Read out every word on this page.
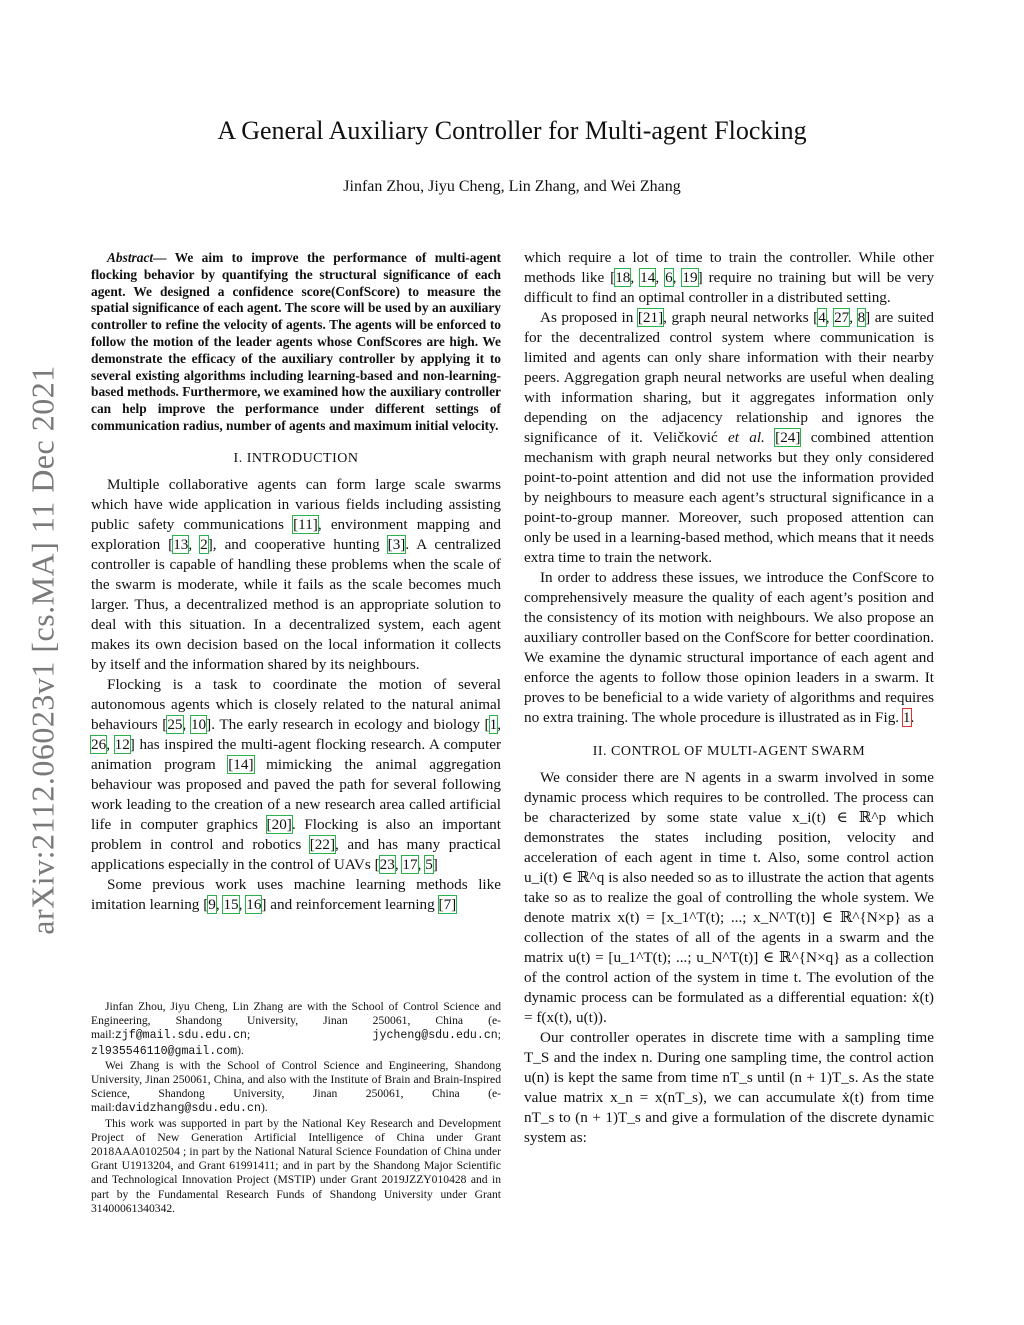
arXiv:2112.06023v1 [cs.MA] 11 Dec 2021
A General Auxiliary Controller for Multi-agent Flocking
Jinfan Zhou, Jiyu Cheng, Lin Zhang, and Wei Zhang

Abstract— We aim to improve the performance of multi-agent flocking behavior by quantifying the structural significance of each agent. We designed a confidence score(ConfScore) to measure the spatial significance of each agent. The score will be used by an auxiliary controller to refine the velocity of agents. The agents will be enforced to follow the motion of the leader agents whose ConfScores are high. We demonstrate the efficacy of the auxiliary controller by applying it to several existing algorithms including learning-based and non-learning-based methods. Furthermore, we examined how the auxiliary controller can help improve the performance under different settings of communication radius, number of agents and maximum initial velocity.

I. INTRODUCTION

Multiple collaborative agents can form large scale swarms which have wide application in various fields including assisting public safety communications [11], environment mapping and exploration [13, 2], and cooperative hunting [3]. A centralized controller is capable of handling these problems when the scale of the swarm is moderate, while it fails as the scale becomes much larger. Thus, a decentralized method is an appropriate solution to deal with this situation. In a decentralized system, each agent makes its own decision based on the local information it collects by itself and the information shared by its neighbours.

Flocking is a task to coordinate the motion of several autonomous agents which is closely related to the natural animal behaviours [25, 10]. The early research in ecology and biology [1, 26, 12] has inspired the multi-agent flocking research. A computer animation program [14] mimicking the animal aggregation behaviour was proposed and paved the path for several following work leading to the creation of a new research area called artificial life in computer graphics [20]. Flocking is also an important problem in control and robotics [22], and has many practical applications especially in the control of UAVs [23, 17, 5]

Some previous work uses machine learning methods like imitation learning [9, 15, 16] and reinforcement learning [7]

Jinfan Zhou, Jiyu Cheng, Lin Zhang are with the School of Control Science and Engineering, Shandong University, Jinan 250061, China (e-mail:zjf@mail.sdu.edu.cn; jycheng@sdu.edu.cn; zl935546110@gmail.com).

Wei Zhang is with the School of Control Science and Engineering, Shandong University, Jinan 250061, China, and also with the Institute of Brain and Brain-Inspired Science, Shandong University, Jinan 250061, China (e-mail:davidzhang@sdu.edu.cn).

This work was supported in part by the National Key Research and Development Project of New Generation Artificial Intelligence of China under Grant 2018AAA0102504 ; in part by the National Natural Science Foundation of China under Grant U1913204, and Grant 61991411; and in part by the Shandong Major Scientific and Technological Innovation Project (MSTIP) under Grant 2019JZZY010428 and in part by the Fundamental Research Funds of Shandong University under Grant 31400061340342.

which require a lot of time to train the controller. While other methods like [18, 14, 6, 19] require no training but will be very difficult to find an optimal controller in a distributed setting.

As proposed in [21], graph neural networks [4, 27, 8] are suited for the decentralized control system where communication is limited and agents can only share information with their nearby peers. Aggregation graph neural networks are useful when dealing with information sharing, but it aggregates information only depending on the adjacency relationship and ignores the significance of it. Veličković et al. [24] combined attention mechanism with graph neural networks but they only considered point-to-point attention and did not use the information provided by neighbours to measure each agent’s structural significance in a point-to-group manner. Moreover, such proposed attention can only be used in a learning-based method, which means that it needs extra time to train the network.

In order to address these issues, we introduce the ConfScore to comprehensively measure the quality of each agent’s position and the consistency of its motion with neighbours. We also propose an auxiliary controller based on the ConfScore for better coordination. We examine the dynamic structural importance of each agent and enforce the agents to follow those opinion leaders in a swarm. It proves to be beneficial to a wide variety of algorithms and requires no extra training. The whole procedure is illustrated as in Fig. 1.

II. CONTROL OF MULTI-AGENT SWARM

We consider there are N agents in a swarm involved in some dynamic process which requires to be controlled. The process can be characterized by some state value x_i(t) ∈ ℝ^p which demonstrates the states including position, velocity and acceleration of each agent in time t. Also, some control action u_i(t) ∈ ℝ^q is also needed so as to illustrate the action that agents take so as to realize the goal of controlling the whole system. We denote matrix x(t) = [x_1^T(t); ...; x_N^T(t)] ∈ ℝ^{N×p} as a collection of the states of all of the agents in a swarm and the matrix u(t) = [u_1^T(t); ...; u_N^T(t)] ∈ ℝ^{N×q} as a collection of the control action of the system in time t. The evolution of the dynamic process can be formulated as a differential equation: ẋ(t) = f(x(t), u(t)).

Our controller operates in discrete time with a sampling time T_S and the index n. During one sampling time, the control action u(n) is kept the same from time nT_s until (n + 1)T_s. As the state value matrix x_n = x(nT_s), we can accumulate ẋ(t) from time nT_s to (n + 1)T_s and give a formulation of the discrete dynamic system as:
